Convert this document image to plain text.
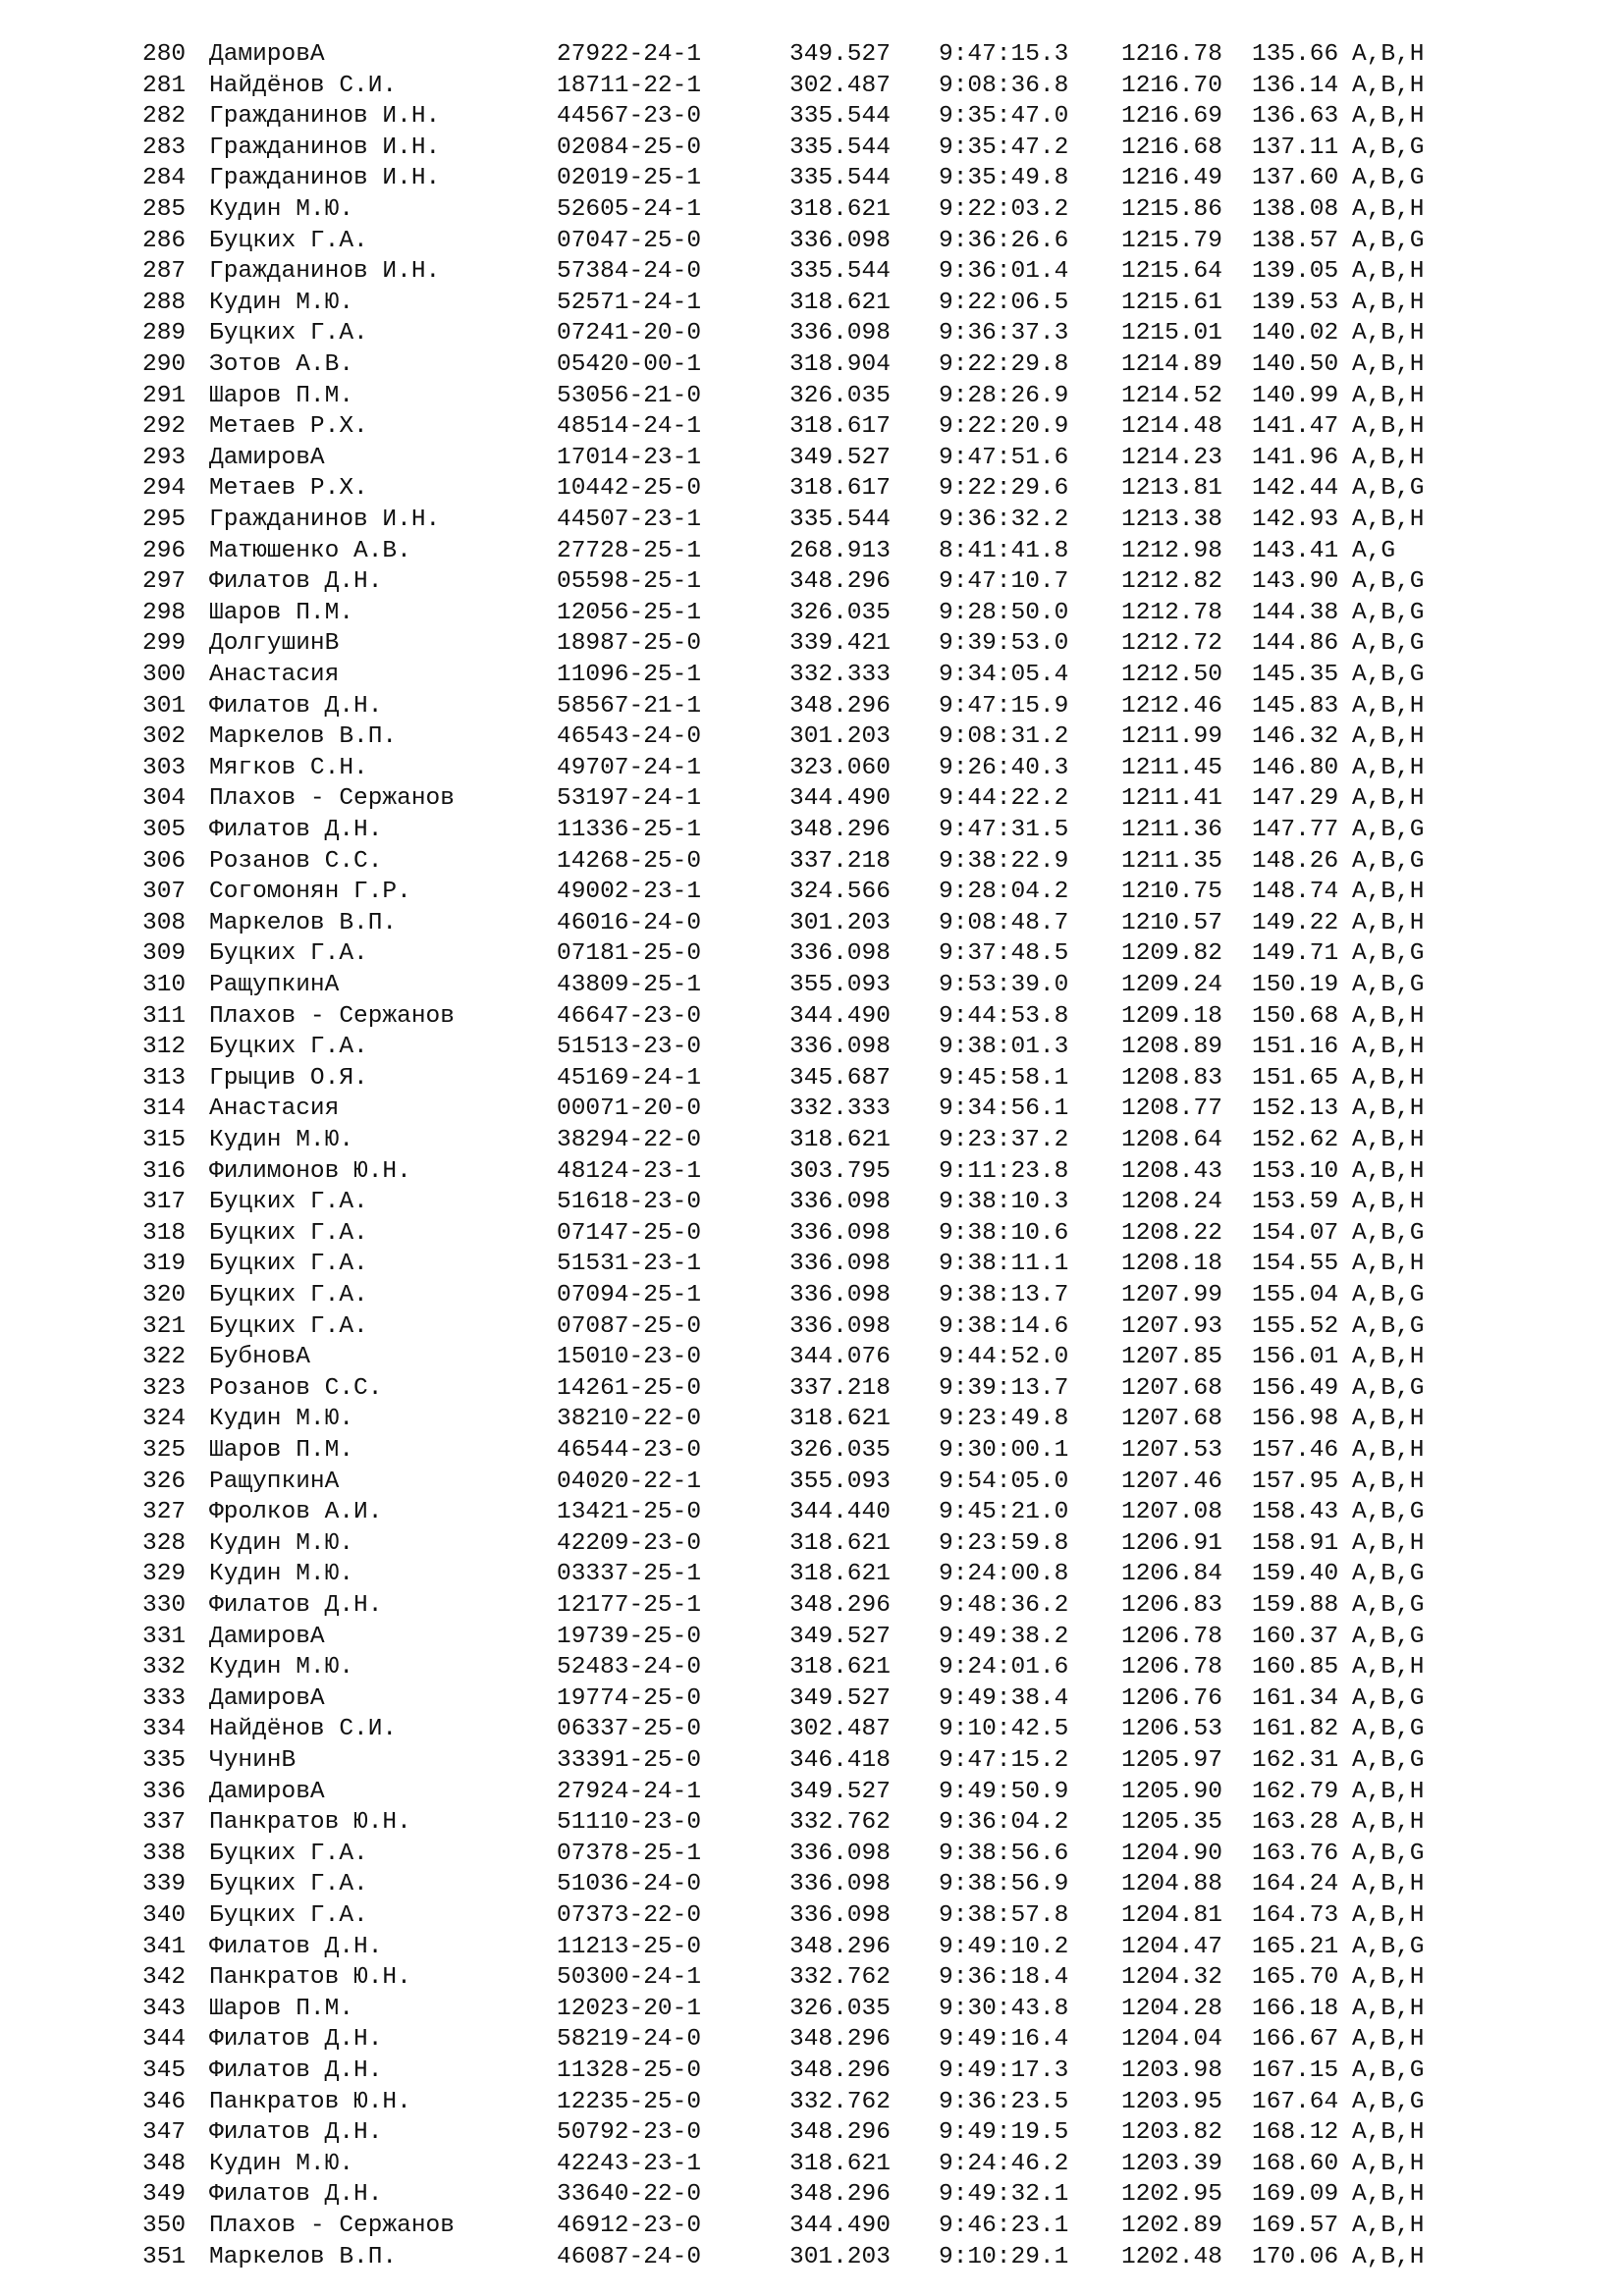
280 ДамировА	27922-24-1	349.527 9:47:15.3 1216.78 135.66 A,B,H
281 Найдёнов С.И.	18711-22-1	302.487 9:08:36.8 1216.70 136.14 A,B,H
282 Гражданинов И.Н.	44567-23-0	335.544 9:35:47.0 1216.69 136.63 A,B,H
283 Гражданинов И.Н.	02084-25-0	335.544 9:35:47.2 1216.68 137.11 A,B,G
284 Гражданинов И.Н.	02019-25-1	335.544 9:35:49.8 1216.49 137.60 A,B,G
285 Кудин М.Ю.	52605-24-1	318.621 9:22:03.2 1215.86 138.08 A,B,H
286 Буцких Г.А.	07047-25-0	336.098 9:36:26.6 1215.79 138.57 A,B,G
287 Гражданинов И.Н.	57384-24-0	335.544 9:36:01.4 1215.64 139.05 A,B,H
288 Кудин М.Ю.	52571-24-1	318.621 9:22:06.5 1215.61 139.53 A,B,H
289 Буцких Г.А.	07241-20-0	336.098 9:36:37.3 1215.01 140.02 A,B,H
290 Зотов А.В.	05420-00-1	318.904 9:22:29.8 1214.89 140.50 A,B,H
291 Шаров П.М.	53056-21-0	326.035 9:28:26.9 1214.52 140.99 A,B,H
292 Метаев Р.Х.	48514-24-1	318.617 9:22:20.9 1214.48 141.47 A,B,H
293 ДамировА	17014-23-1	349.527 9:47:51.6 1214.23 141.96 A,B,H
294 Метаев Р.Х.	10442-25-0	318.617 9:22:29.6 1213.81 142.44 A,B,G
295 Гражданинов И.Н.	44507-23-1	335.544 9:36:32.2 1213.38 142.93 A,B,H
296 Матюшенко А.В.	27728-25-1	268.913 8:41:41.8 1212.98 143.41 A,G
297 Филатов Д.Н.	05598-25-1	348.296 9:47:10.7 1212.82 143.90 A,B,G
298 Шаров П.М.	12056-25-1	326.035 9:28:50.0 1212.78 144.38 A,B,G
299 ДолгушинВ	18987-25-0	339.421 9:39:53.0 1212.72 144.86 A,B,G
300 Анастасия	11096-25-1	332.333 9:34:05.4 1212.50 145.35 A,B,G
301 Филатов Д.Н.	58567-21-1	348.296 9:47:15.9 1212.46 145.83 A,B,H
302 Маркелов В.П.	46543-24-0	301.203 9:08:31.2 1211.99 146.32 A,B,H
303 Мягков С.Н.	49707-24-1	323.060 9:26:40.3 1211.45 146.80 A,B,H
304 Плахов - Сержанов	53197-24-1	344.490 9:44:22.2 1211.41 147.29 A,B,H
305 Филатов Д.Н.	11336-25-1	348.296 9:47:31.5 1211.36 147.77 A,B,G
306 Розанов С.С.	14268-25-0	337.218 9:38:22.9 1211.35 148.26 A,B,G
307 Согомонян Г.Р.	49002-23-1	324.566 9:28:04.2 1210.75 148.74 A,B,H
308 Маркелов В.П.	46016-24-0	301.203 9:08:48.7 1210.57 149.22 A,B,H
309 Буцких Г.А.	07181-25-0	336.098 9:37:48.5 1209.82 149.71 A,B,G
310 РащупкинА	43809-25-1	355.093 9:53:39.0 1209.24 150.19 A,B,G
311 Плахов - Сержанов	46647-23-0	344.490 9:44:53.8 1209.18 150.68 A,B,H
312 Буцких Г.А.	51513-23-0	336.098 9:38:01.3 1208.89 151.16 A,B,H
313 Грыцив О.Я.	45169-24-1	345.687 9:45:58.1 1208.83 151.65 A,B,H
314 Анастасия	00071-20-0	332.333 9:34:56.1 1208.77 152.13 A,B,H
315 Кудин М.Ю.	38294-22-0	318.621 9:23:37.2 1208.64 152.62 A,B,H
316 Филимонов Ю.Н.	48124-23-1	303.795 9:11:23.8 1208.43 153.10 A,B,H
317 Буцких Г.А.	51618-23-0	336.098 9:38:10.3 1208.24 153.59 A,B,H
318 Буцких Г.А.	07147-25-0	336.098 9:38:10.6 1208.22 154.07 A,B,G
319 Буцких Г.А.	51531-23-1	336.098 9:38:11.1 1208.18 154.55 A,B,H
320 Буцких Г.А.	07094-25-1	336.098 9:38:13.7 1207.99 155.04 A,B,G
321 Буцких Г.А.	07087-25-0	336.098 9:38:14.6 1207.93 155.52 A,B,G
322 БубновА	15010-23-0	344.076 9:44:52.0 1207.85 156.01 A,B,H
323 Розанов С.С.	14261-25-0	337.218 9:39:13.7 1207.68 156.49 A,B,G
324 Кудин М.Ю.	38210-22-0	318.621 9:23:49.8 1207.68 156.98 A,B,H
325 Шаров П.М.	46544-23-0	326.035 9:30:00.1 1207.53 157.46 A,B,H
326 РащупкинА	04020-22-1	355.093 9:54:05.0 1207.46 157.95 A,B,H
327 Фролков А.И.	13421-25-0	344.440 9:45:21.0 1207.08 158.43 A,B,G
328 Кудин М.Ю.	42209-23-0	318.621 9:23:59.8 1206.91 158.91 A,B,H
329 Кудин М.Ю.	03337-25-1	318.621 9:24:00.8 1206.84 159.40 A,B,G
330 Филатов Д.Н.	12177-25-1	348.296 9:48:36.2 1206.83 159.88 A,B,G
331 ДамировА	19739-25-0	349.527 9:49:38.2 1206.78 160.37 A,B,G
332 Кудин М.Ю.	52483-24-0	318.621 9:24:01.6 1206.78 160.85 A,B,H
333 ДамировА	19774-25-0	349.527 9:49:38.4 1206.76 161.34 A,B,G
334 Найдёнов С.И.	06337-25-0	302.487 9:10:42.5 1206.53 161.82 A,B,G
335 ЧунинВ	33391-25-0	346.418 9:47:15.2 1205.97 162.31 A,B,G
336 ДамировА	27924-24-1	349.527 9:49:50.9 1205.90 162.79 A,B,H
337 Панкратов Ю.Н.	51110-23-0	332.762 9:36:04.2 1205.35 163.28 A,B,H
338 Буцких Г.А.	07378-25-1	336.098 9:38:56.6 1204.90 163.76 A,B,G
339 Буцких Г.А.	51036-24-0	336.098 9:38:56.9 1204.88 164.24 A,B,H
340 Буцких Г.А.	07373-22-0	336.098 9:38:57.8 1204.81 164.73 A,B,H
341 Филатов Д.Н.	11213-25-0	348.296 9:49:10.2 1204.47 165.21 A,B,G
342 Панкратов Ю.Н.	50300-24-1	332.762 9:36:18.4 1204.32 165.70 A,B,H
343 Шаров П.М.	12023-20-1	326.035 9:30:43.8 1204.28 166.18 A,B,H
344 Филатов Д.Н.	58219-24-0	348.296 9:49:16.4 1204.04 166.67 A,B,H
345 Филатов Д.Н.	11328-25-0	348.296 9:49:17.3 1203.98 167.15 A,B,G
346 Панкратов Ю.Н.	12235-25-0	332.762 9:36:23.5 1203.95 167.64 A,B,G
347 Филатов Д.Н.	50792-23-0	348.296 9:49:19.5 1203.82 168.12 A,B,H
348 Кудин М.Ю.	42243-23-1	318.621 9:24:46.2 1203.39 168.60 A,B,H
349 Филатов Д.Н.	33640-22-0	348.296 9:49:32.1 1202.95 169.09 A,B,H
350 Плахов - Сержанов	46912-23-0	344.490 9:46:23.1 1202.89 169.57 A,B,H
351 Маркелов В.П.	46087-24-0	301.203 9:10:29.1 1202.48 170.06 A,B,H
